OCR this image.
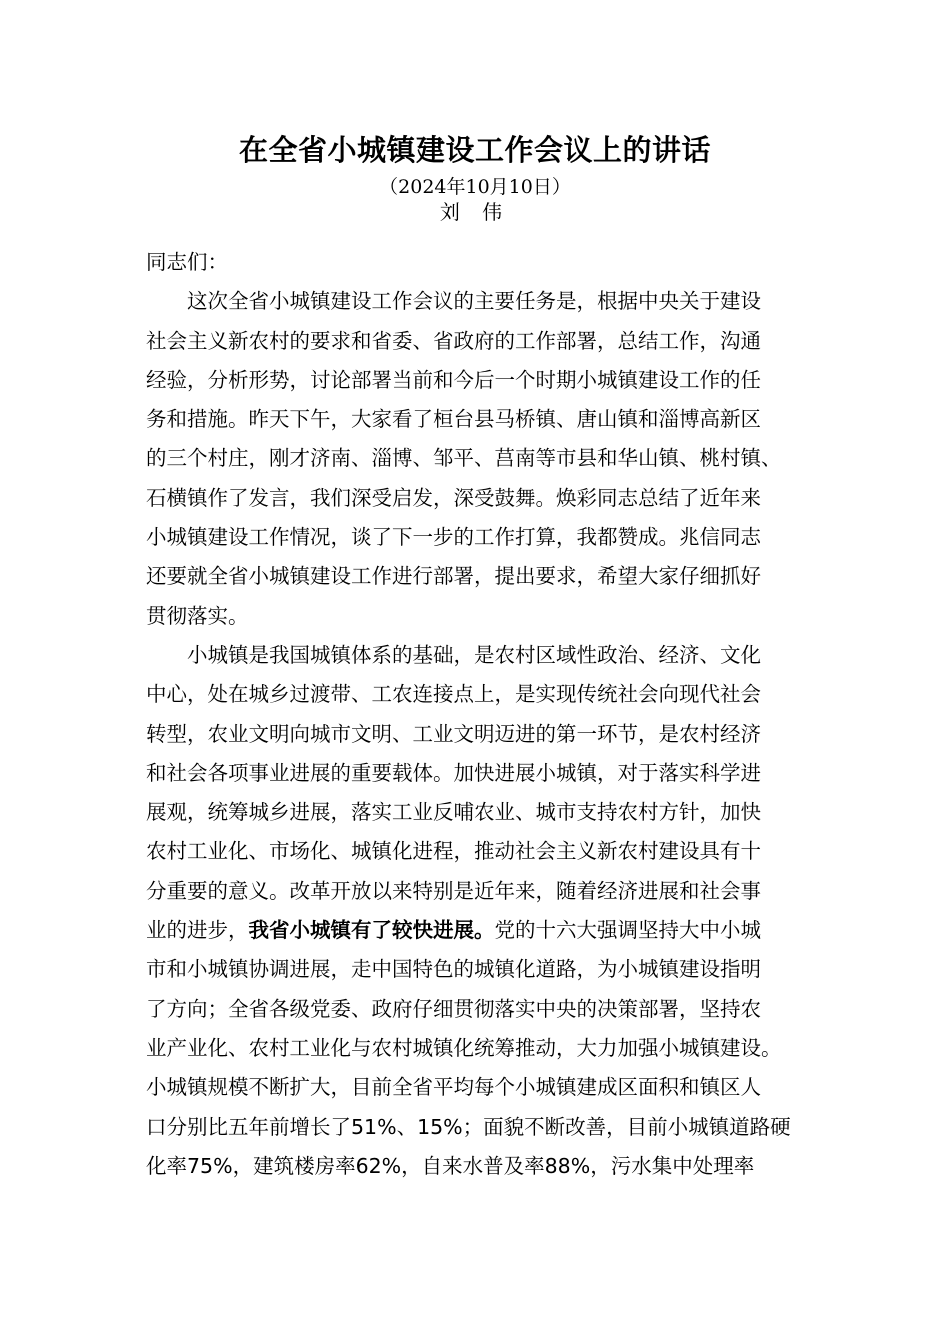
在全省小城镇建设工作会议上的讲话
（2024年10月10日）
刘 伟
同志们：
这次全省小城镇建设工作会议的主要任务是，根据中央关于建设
社会主义新农村的要求和省委、省政府的工作部署，总结工作，沟通
经验，分析形势，讨论部署当前和今后一个时期小城镇建设工作的任
务和措施。昨天下午，大家看了桓台县马桥镇、唐山镇和淄博高新区
的三个村庄，刚才济南、淄博、邹平、莒南等市县和华山镇、桃村镇、
石横镇作了发言，我们深受启发，深受鼓舞。焕彩同志总结了近年来
小城镇建设工作情况，谈了下一步的工作打算，我都赞成。兆信同志
还要就全省小城镇建设工作进行部署，提出要求，希望大家仔细抓好
贯彻落实。
小城镇是我国城镇体系的基础，是农村区域性政治、经济、文化
中心，处在城乡过渡带、工农连接点上，是实现传统社会向现代社会
转型，农业文明向城市文明、工业文明迈进的第一环节，是农村经济
和社会各项事业进展的重要载体。加快进展小城镇，对于落实科学进
展观，统筹城乡进展，落实工业反哺农业、城市支持农村方针，加快
农村工业化、市场化、城镇化进程，推动社会主义新农村建设具有十
分重要的意义。改革开放以来特别是近年来，随着经济进展和社会事
业的进步，我省小城镇有了较快进展。党的十六大强调坚持大中小城
市和小城镇协调进展，走中国特色的城镇化道路，为小城镇建设指明
了方向；全省各级党委、政府仔细贯彻落实中央的决策部署，坚持农
业产业化、农村工业化与农村城镇化统筹推动，大力加强小城镇建设。
小城镇规模不断扩大，目前全省平均每个小城镇建成区面积和镇区人
口分别比五年前增长了51%、15%；面貌不断改善，目前小城镇道路硬
化率75%，建筑楼房率62%，自来水普及率88%，污水集中处理率
